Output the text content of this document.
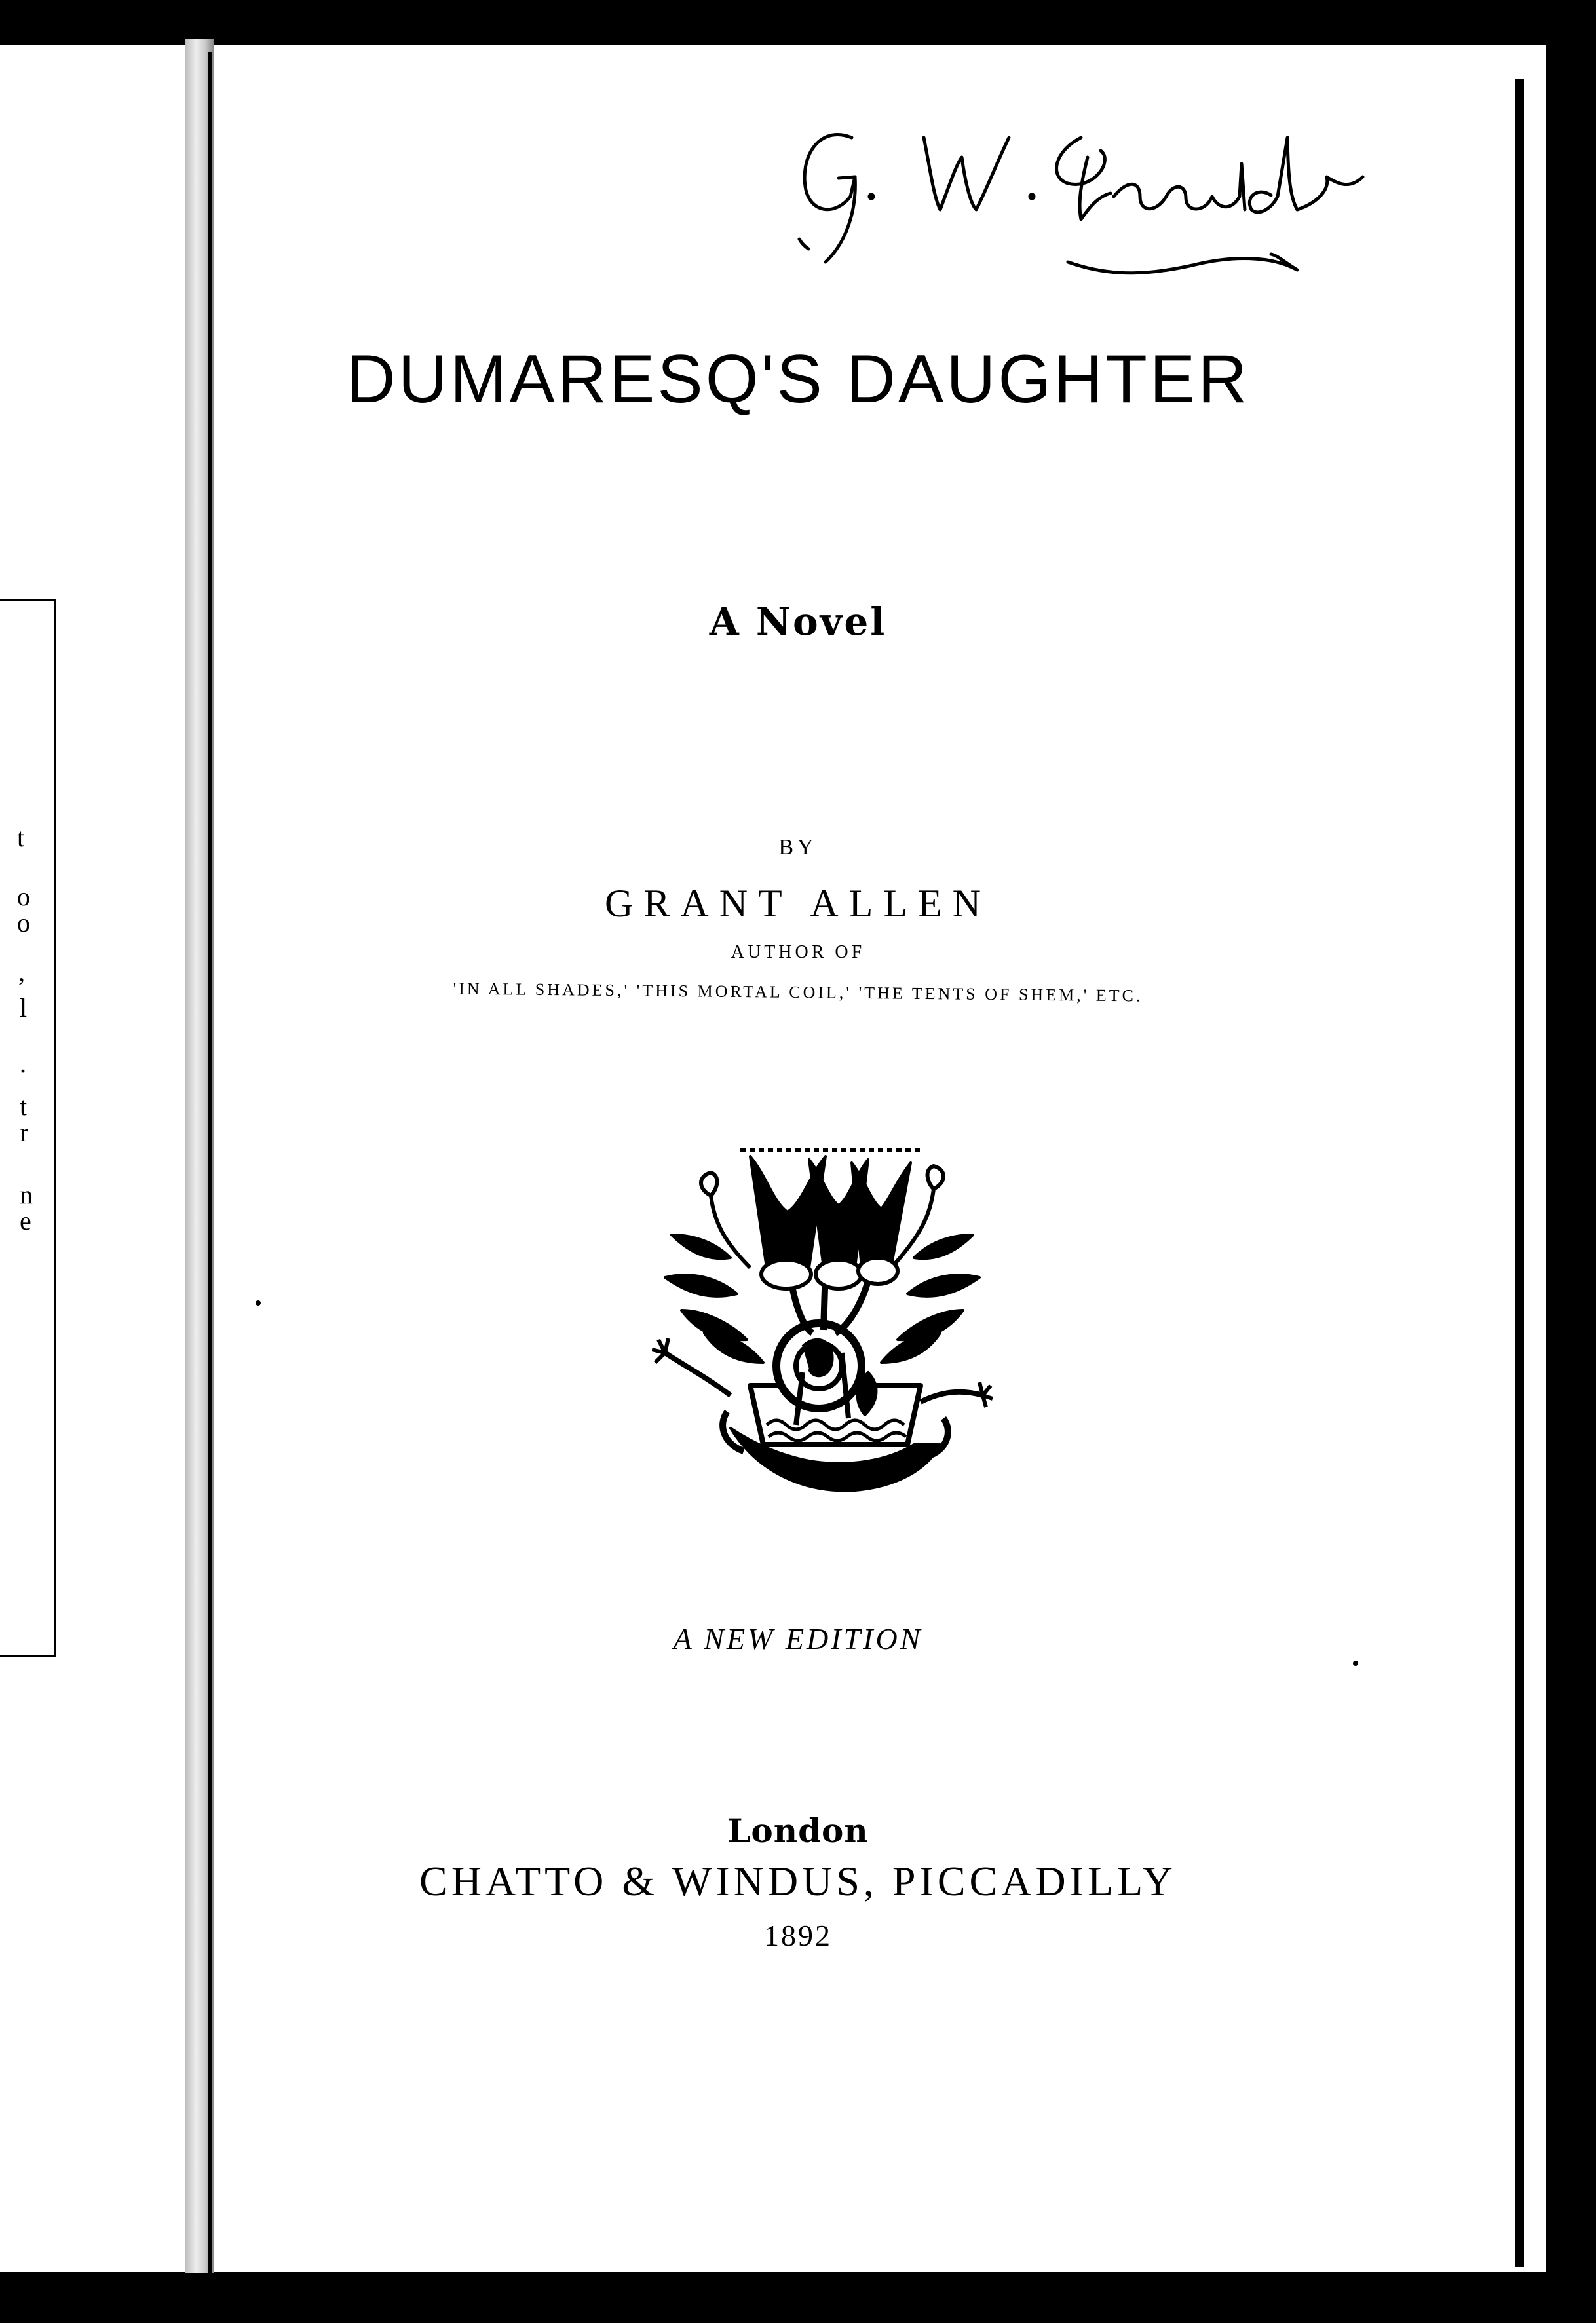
t
o
o
,
l
.
t
r
n
e
DUMARESQ'S DAUGHTER
A Novel
BY
GRANT ALLEN
AUTHOR OF
'IN ALL SHADES,' 'THIS MORTAL COIL,' 'THE TENTS OF SHEM,' ETC.
A NEW EDITION
London
CHATTO & WINDUS, PICCADILLY
1892
